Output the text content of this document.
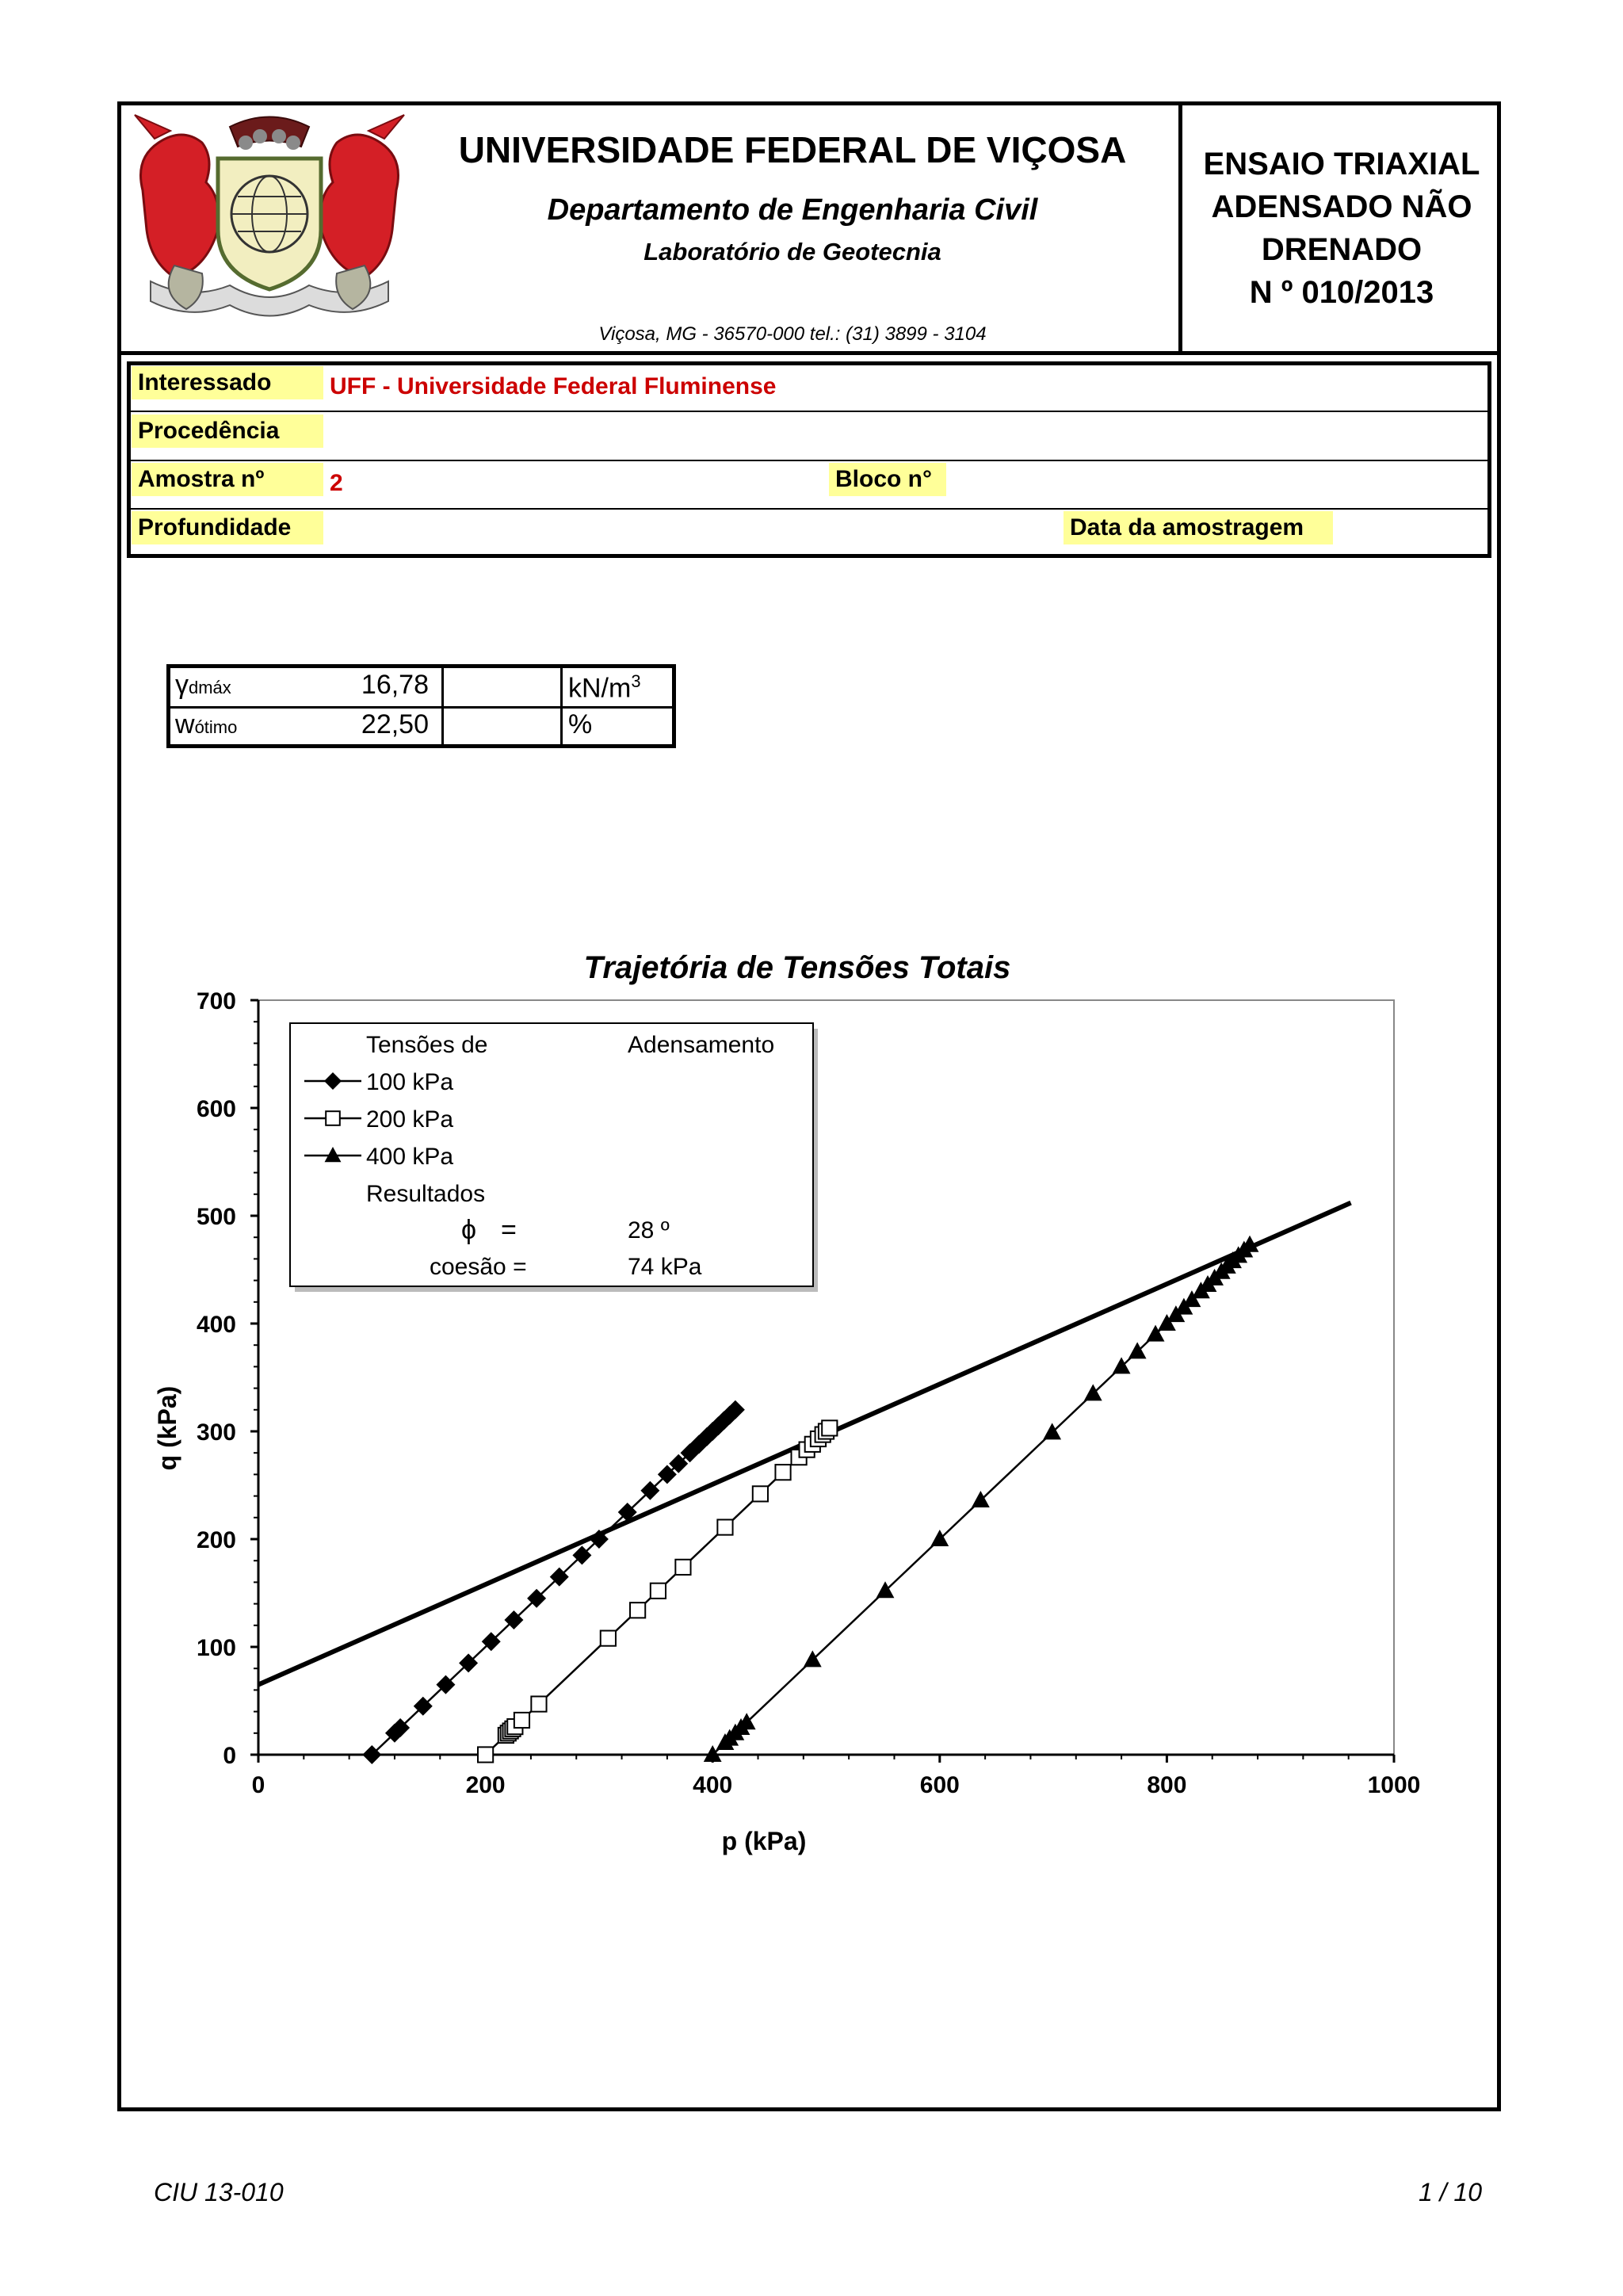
UNIVERSIDADE FEDERAL DE VIÇOSA
Departamento de Engenharia Civil
Laboratório de Geotecnia
Viçosa, MG - 36570-000 tel.: (31) 3899 - 3104
ENSAIO TRIAXIAL
ADENSADO NÃO
DRENADO
N º 010/2013
Interessado	UFF - Universidade Federal Fluminense
Procedência
Amostra nº	2	Bloco n°
Profundidade	Data da amostragem
γdmáx	16,78	$kN/m^3$
wótimo	22,50	%
Trajetória de Tensões Totais
0
100
200
300
400
500
600
700
0	200	400	600	800	1000
p (kPa)
q (kPa)
Tensões de	Adensamento
100 kPa
200 kPa
400 kPa
Resultados
ϕ =	28 º
coesão =	74 kPa
CIU 13-010	1 / 10
